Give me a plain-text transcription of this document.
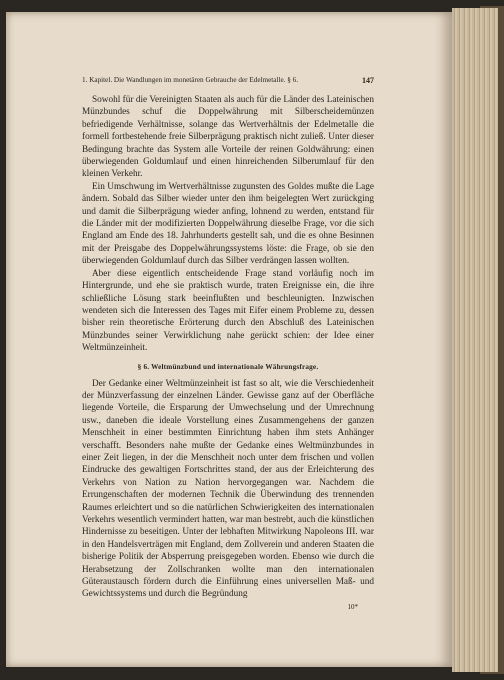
1. Kapitel. Die Wandlungen im monetären Gebrauche der Edelmetalle. § 6.	147

Sowohl für die Vereinigten Staaten als auch für die Länder des Lateinischen Münzbundes schuf die Doppelwährung mit Silberscheidemünzen befriedigende Verhältnisse, solange das Wertverhältnis der Edelmetalle die formell fortbestehende freie Silberprägung praktisch nicht zuließ. Unter dieser Bedingung brachte das System alle Vorteile der reinen Goldwährung: einen überwiegenden Goldumlauf und einen hinreichenden Silberumlauf für den kleinen Verkehr.

Ein Umschwung im Wertverhältnisse zugunsten des Goldes mußte die Lage ändern. Sobald das Silber wieder unter den ihm beigelegten Wert zurückging und damit die Silberprägung wieder anfing, lohnend zu werden, entstand für die Länder mit der modifizierten Doppelwährung dieselbe Frage, vor die sich England am Ende des 18. Jahrhunderts gestellt sah, und die es ohne Besinnen mit der Preisgabe des Doppelwährungssystems löste: die Frage, ob sie den überwiegenden Goldumlauf durch das Silber verdrängen lassen wollten.

Aber diese eigentlich entscheidende Frage stand vorläufig noch im Hintergrunde, und ehe sie praktisch wurde, traten Ereignisse ein, die ihre schließliche Lösung stark beeinflußten und beschleunigten. Inzwischen wendeten sich die Interessen des Tages mit Eifer einem Probleme zu, dessen bisher rein theoretische Erörterung durch den Abschluß des Lateinischen Münzbundes seiner Verwirklichung nahe gerückt schien: der Idee einer Weltmünzeinheit.

§ 6. Weltmünzbund und internationale Währungsfrage.

Der Gedanke einer Weltmünzeinheit ist fast so alt, wie die Verschiedenheit der Münzverfassung der einzelnen Länder. Gewisse ganz auf der Oberfläche liegende Vorteile, die Ersparung der Umwechselung und der Umrechnung usw., daneben die ideale Vorstellung eines Zusammengehens der ganzen Menschheit in einer bestimmten Einrichtung haben ihm stets Anhänger verschafft. Besonders nahe mußte der Gedanke eines Weltmünzbundes in einer Zeit liegen, in der die Menschheit noch unter dem frischen und vollen Eindrucke des gewaltigen Fortschrittes stand, der aus der Erleichterung des Verkehrs von Nation zu Nation hervorgegangen war. Nachdem die Errungenschaften der modernen Technik die Überwindung des trennenden Raumes erleichtert und so die natürlichen Schwierigkeiten des internationalen Verkehrs wesentlich vermindert hatten, war man bestrebt, auch die künstlichen Hindernisse zu beseitigen. Unter der lebhaften Mitwirkung Napoleons III. war in den Handelsverträgen mit England, dem Zollverein und anderen Staaten die bisherige Politik der Absperrung preisgegeben worden. Ebenso wie durch die Herabsetzung der Zollschranken wollte man den internationalen Güteraustausch fördern durch die Einführung eines universellen Maß- und Gewichtssystems und durch die Begründung

10*
